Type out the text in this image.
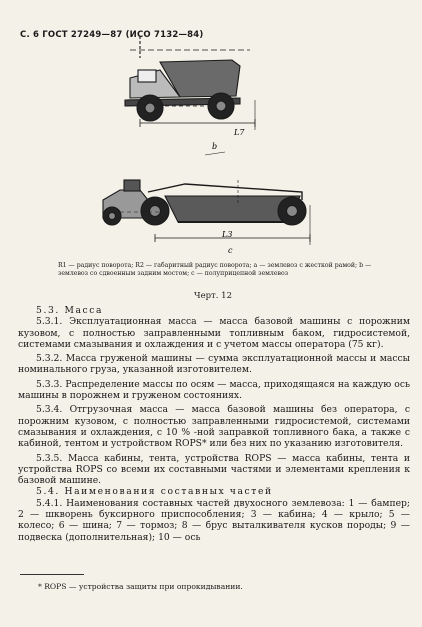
С. 6 ГОСТ 27249—87 (ИСО 7132—84)
L7
b
L3
c
R1 — радиус поворота; R2 — габаритный радиус поворота; a — землевоз с жесткой рамой; b — землевоз со сдвоенным задним мостом; c — полуприцепной землевоз
Черт. 12

5.3. Масса

5.3.1. Эксплуатационная масса — масса базовой машины с порожним кузовом, с полностью заправленными топливным баком, гидросистемой, системами смазывания и охлаждения и с учетом массы оператора (75 кг).

5.3.2. Масса груженой машины — сумма эксплуатационной массы и массы номинального груза, указанной изготовителем.

5.3.3. Распределение массы по осям — масса, приходящаяся на каждую ось машины в порожнем и груженом состояниях.

5.3.4. Отгрузочная масса — масса базовой машины без оператора, с порожним кузовом, с полностью заправленными гидросистемой, системами смазывания и охлаждения, с 10 % -ной заправкой топливного бака, а также с кабиной, тентом и устройством ROPS* или без них по указанию изготовителя.

5.3.5. Масса кабины, тента, устройства ROPS — масса кабины, тента и устройства ROPS со всеми их составными частями и элементами крепления к базовой машине.

5.4. Наименования составных частей

5.4.1. Наименования составных частей двухосного землевоза: 1 — бампер; 2 — шкворень буксирного приспособления; 3 — кабина; 4 — крыло; 5 — колесо; 6 — шина; 7 — тормоз; 8 — брус выталкивателя кусков породы; 9 — подвеска (дополнительная); 10 — ось

* ROPS — устройства защиты при опрокидывании.
